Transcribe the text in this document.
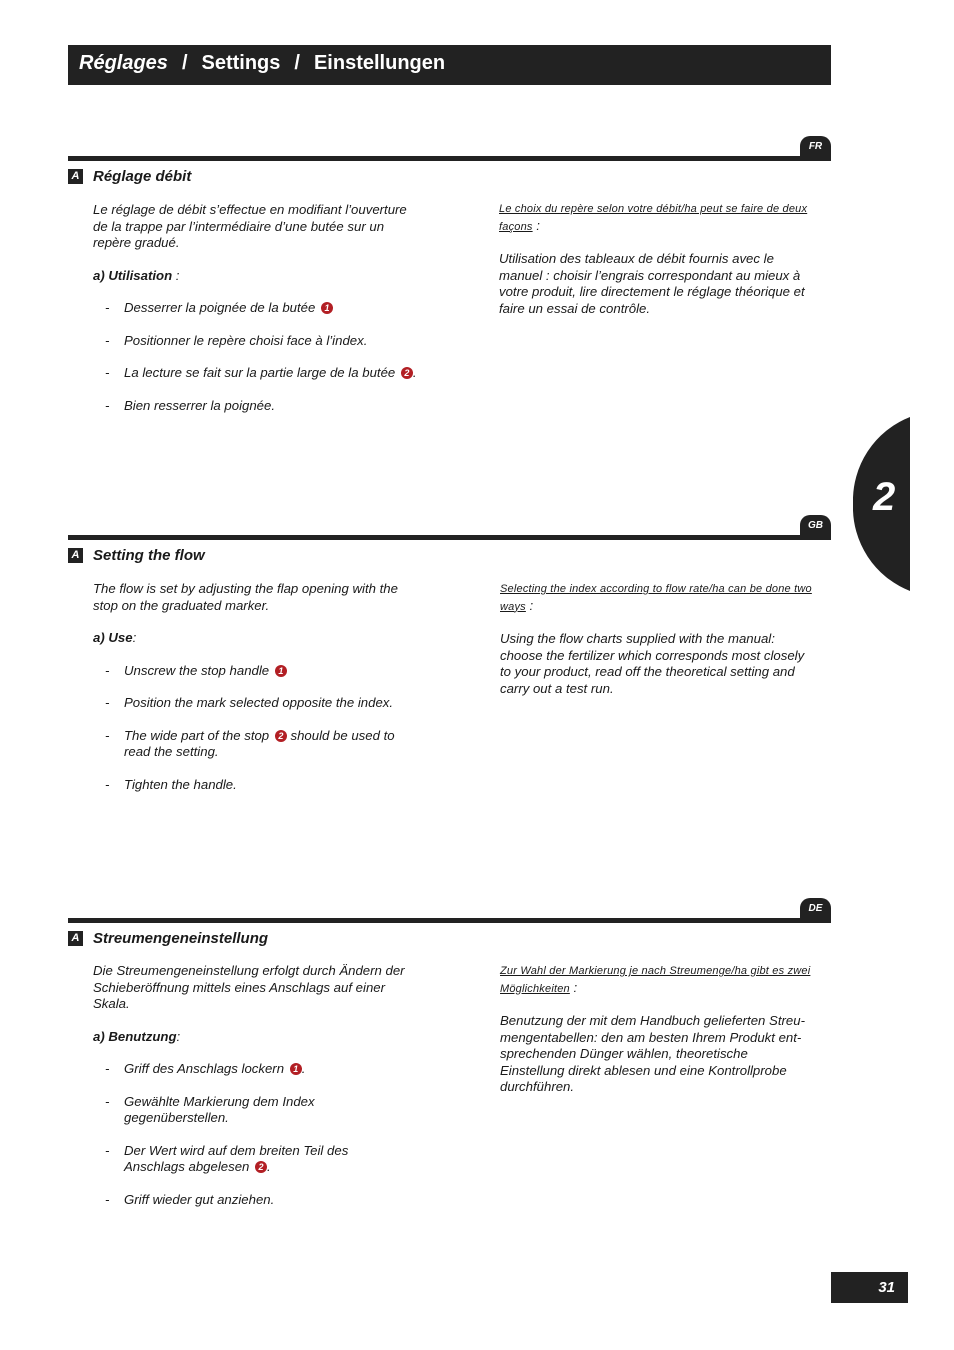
Réglages / Settings / Einstellungen
FR
A Réglage débit

Le réglage de débit s’effectue en modifiant l’ouverture de la trappe par l’intermédiaire d’une butée sur un repère gradué.

a) Utilisation :

- Desserrer la poignée de la butée 1
- Positionner le repère choisi face à l’index.
- La lecture se fait sur la partie large de la butée 2 .
- Bien resserrer la poignée.

Le choix du repère selon votre débit/ha peut se faire de deux façons :

Utilisation des tableaux de débit fournis avec le manuel : choisir l’engrais correspondant au mieux à votre produit, lire directement le réglage théorique et faire un essai de contrôle.

GB
A Setting the flow

The flow is set by adjusting the flap opening with the stop on the graduated marker.

a) Use:

- Unscrew the stop handle 1
- Position the mark selected opposite the index.
- The wide part of the stop 2 should be used to read the setting.
- Tighten the handle.

Selecting the index according to flow rate/ha can be done two ways :

Using the flow charts supplied with the manual: choose the fertilizer which corresponds most closely to your product, read off the theoretical setting and carry out a test run.

DE
A Streumengeneinstellung

Die Streumengeneinstellung erfolgt durch Ändern der Schieberöffnung mittels eines Anschlags auf einer Skala.

a) Benutzung:

- Griff des Anschlags lockern 1 .
- Gewählte Markierung dem Index gegenüberstellen.
- Der Wert wird auf dem breiten Teil des Anschlags abgelesen 2 .
- Griff wieder gut anziehen.

Zur Wahl der Markierung je nach Streumenge/ha gibt es zwei Möglichkeiten :

Benutzung der mit dem Handbuch gelieferten Streu-mengentabellen: den am besten Ihrem Produkt ent-sprechenden Dünger wählen, theoretische Einstellung direkt ablesen und eine Kontrollprobe durchführen.

2
31
